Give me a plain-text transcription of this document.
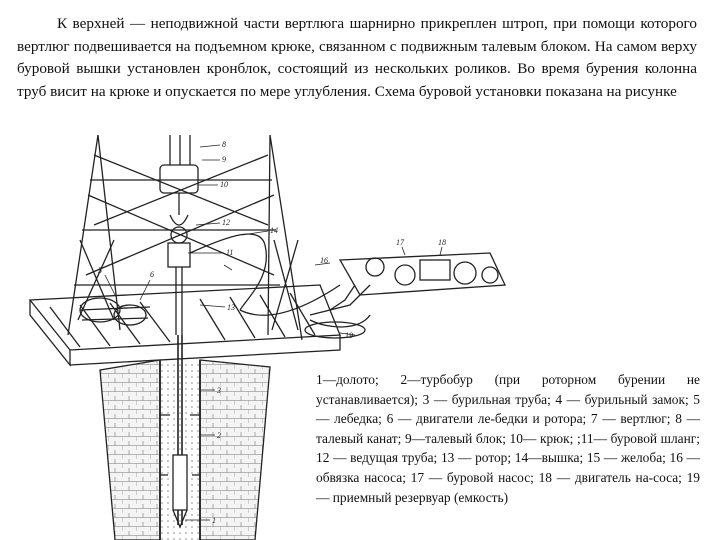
К верхней — неподвижной части вертлюга шарнирно прикреплен штроп, при помощи которого вертлюг подвешивается на подъемном крюке, связанном с подвижным талевым блоком. На самом верху буровой вышки установлен кронблок, состоящий из нескольких роликов. Во время бурения колонна труб висит на крюке и опускается по мере углубления. Схема буровой установки показана на рисунке

8
9
10
14
12
11
16
17	18
13
5	6
19
2
1
3

1—долото; 2—турбобур (при роторном бурении не устанавливается); 3 — бурильная труба; 4 — бурильный замок; 5 — лебедка; 6 — двигатели ле-бедки и ротора; 7 — вертлюг; 8 — талевый канат; 9—талевый блок; 10— крюк; ;11— буровой шланг; 12 — ведущая труба; 13 — ротор; 14—вышка; 15 — желоба; 16 — обвязка насоса; 17 — буровой насос; 18 — двигатель на-соса; 19 — приемный резервуар (емкость)
